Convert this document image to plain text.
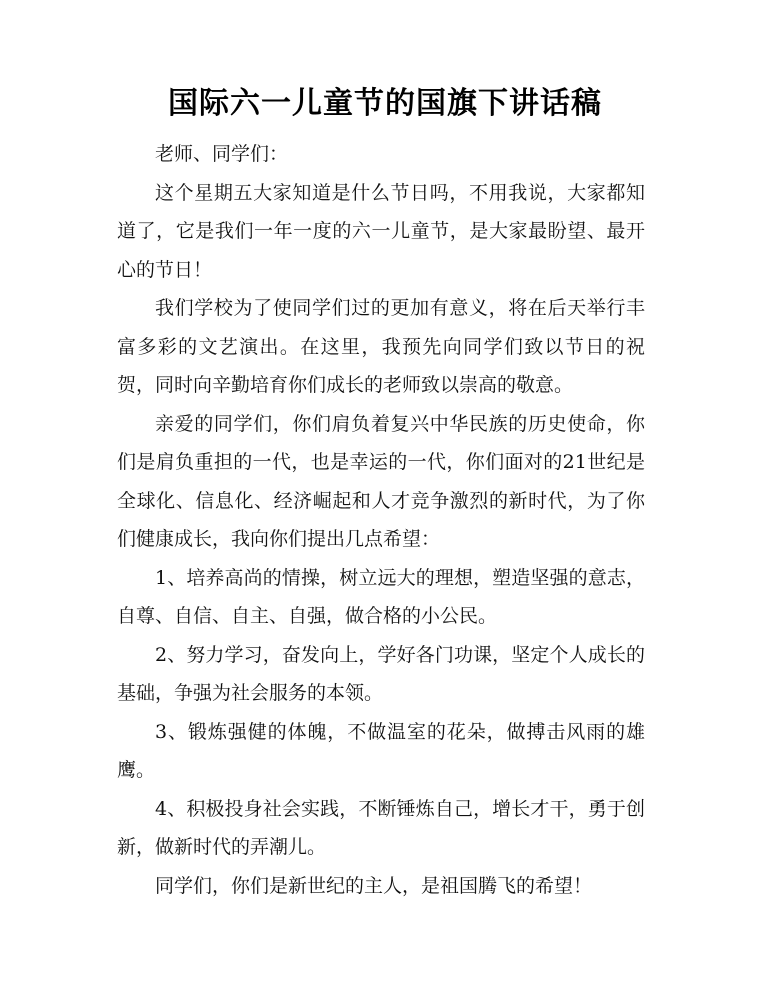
国际六一儿童节的国旗下讲话稿

老师、同学们：

这个星期五大家知道是什么节日吗，不用我说，大家都知道了，它是我们一年一度的六一儿童节，是大家最盼望、最开心的节日！

我们学校为了使同学们过的更加有意义，将在后天举行丰富多彩的文艺演出。在这里，我预先向同学们致以节日的祝贺，同时向辛勤培育你们成长的老师致以崇高的敬意。

亲爱的同学们，你们肩负着复兴中华民族的历史使命，你们是肩负重担的一代，也是幸运的一代，你们面对的21世纪是全球化、信息化、经济崛起和人才竞争激烈的新时代，为了你们健康成长，我向你们提出几点希望：

1、培养高尚的情操，树立远大的理想，塑造坚强的意志，自尊、自信、自主、自强，做合格的小公民。

2、努力学习，奋发向上，学好各门功课，坚定个人成长的基础，争强为社会服务的本领。

3、锻炼强健的体魄，不做温室的花朵，做搏击风雨的雄鹰。

4、积极投身社会实践，不断锤炼自己，增长才干，勇于创新，做新时代的弄潮儿。

同学们，你们是新世纪的主人，是祖国腾飞的希望！
